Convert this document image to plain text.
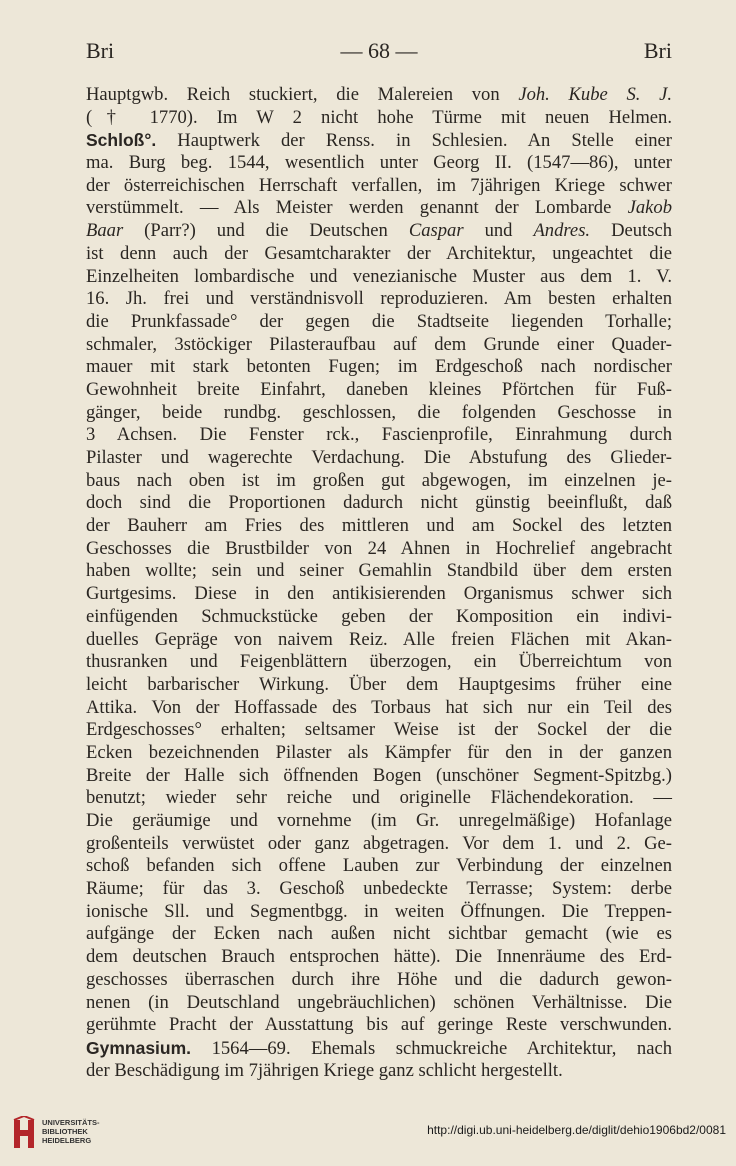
Bri	— 68 —	Bri
Hauptgwb. Reich stuckiert, die Malereien von Joh. Kube S. J.
(† 1770). Im W 2 nicht hohe Türme mit neuen Helmen.
Schloß°. Hauptwerk der Renss. in Schlesien. An Stelle einer
ma. Burg beg. 1544, wesentlich unter Georg II. (1547—86), unter
der österreichischen Herrschaft verfallen, im 7jährigen Kriege schwer
verstümmelt. — Als Meister werden genannt der Lombarde Jakob
Baar (Parr?) und die Deutschen Caspar und Andres. Deutsch
ist denn auch der Gesamtcharakter der Architektur, ungeachtet die
Einzelheiten lombardische und venezianische Muster aus dem 1. V.
16. Jh. frei und verständnisvoll reproduzieren. Am besten erhalten
die Prunkfassade° der gegen die Stadtseite liegenden Torhalle;
schmaler, 3stöckiger Pilasteraufbau auf dem Grunde einer Quader-
mauer mit stark betonten Fugen; im Erdgeschoß nach nordischer
Gewohnheit breite Einfahrt, daneben kleines Pförtchen für Fuß-
gänger, beide rundbg. geschlossen, die folgenden Geschosse in
3 Achsen. Die Fenster rck., Fascienprofile, Einrahmung durch
Pilaster und wagerechte Verdachung. Die Abstufung des Glieder-
baus nach oben ist im großen gut abgewogen, im einzelnen je-
doch sind die Proportionen dadurch nicht günstig beeinflußt, daß
der Bauherr am Fries des mittleren und am Sockel des letzten
Geschosses die Brustbilder von 24 Ahnen in Hochrelief angebracht
haben wollte; sein und seiner Gemahlin Standbild über dem ersten
Gurtgesims. Diese in den antikisierenden Organismus schwer sich
einfügenden Schmuckstücke geben der Komposition ein indivi-
duelles Gepräge von naivem Reiz. Alle freien Flächen mit Akan-
thusranken und Feigenblättern überzogen, ein Überreichtum von
leicht barbarischer Wirkung. Über dem Hauptgesims früher eine
Attika. Von der Hoffassade des Torbaus hat sich nur ein Teil des
Erdgeschosses° erhalten; seltsamer Weise ist der Sockel der die
Ecken bezeichnenden Pilaster als Kämpfer für den in der ganzen
Breite der Halle sich öffnenden Bogen (unschöner Segment-Spitzbg.)
benutzt; wieder sehr reiche und originelle Flächendekoration. —
Die geräumige und vornehme (im Gr. unregelmäßige) Hofanlage
großenteils verwüstet oder ganz abgetragen. Vor dem 1. und 2. Ge-
schoß befanden sich offene Lauben zur Verbindung der einzelnen
Räume; für das 3. Geschoß unbedeckte Terrasse; System: derbe
ionische Sll. und Segmentbgg. in weiten Öffnungen. Die Treppen-
aufgänge der Ecken nach außen nicht sichtbar gemacht (wie es
dem deutschen Brauch entsprochen hätte). Die Innenräume des Erd-
geschosses überraschen durch ihre Höhe und die dadurch gewon-
nenen (in Deutschland ungebräuchlichen) schönen Verhältnisse. Die
gerühmte Pracht der Ausstattung bis auf geringe Reste verschwunden.
Gymnasium. 1564—69. Ehemals schmuckreiche Architektur, nach
der Beschädigung im 7jährigen Kriege ganz schlicht hergestellt.
UNIVERSITÄTS-
BIBLIOTHEK
HEIDELBERG
http://digi.ub.uni-heidelberg.de/diglit/dehio1906bd2/0081
